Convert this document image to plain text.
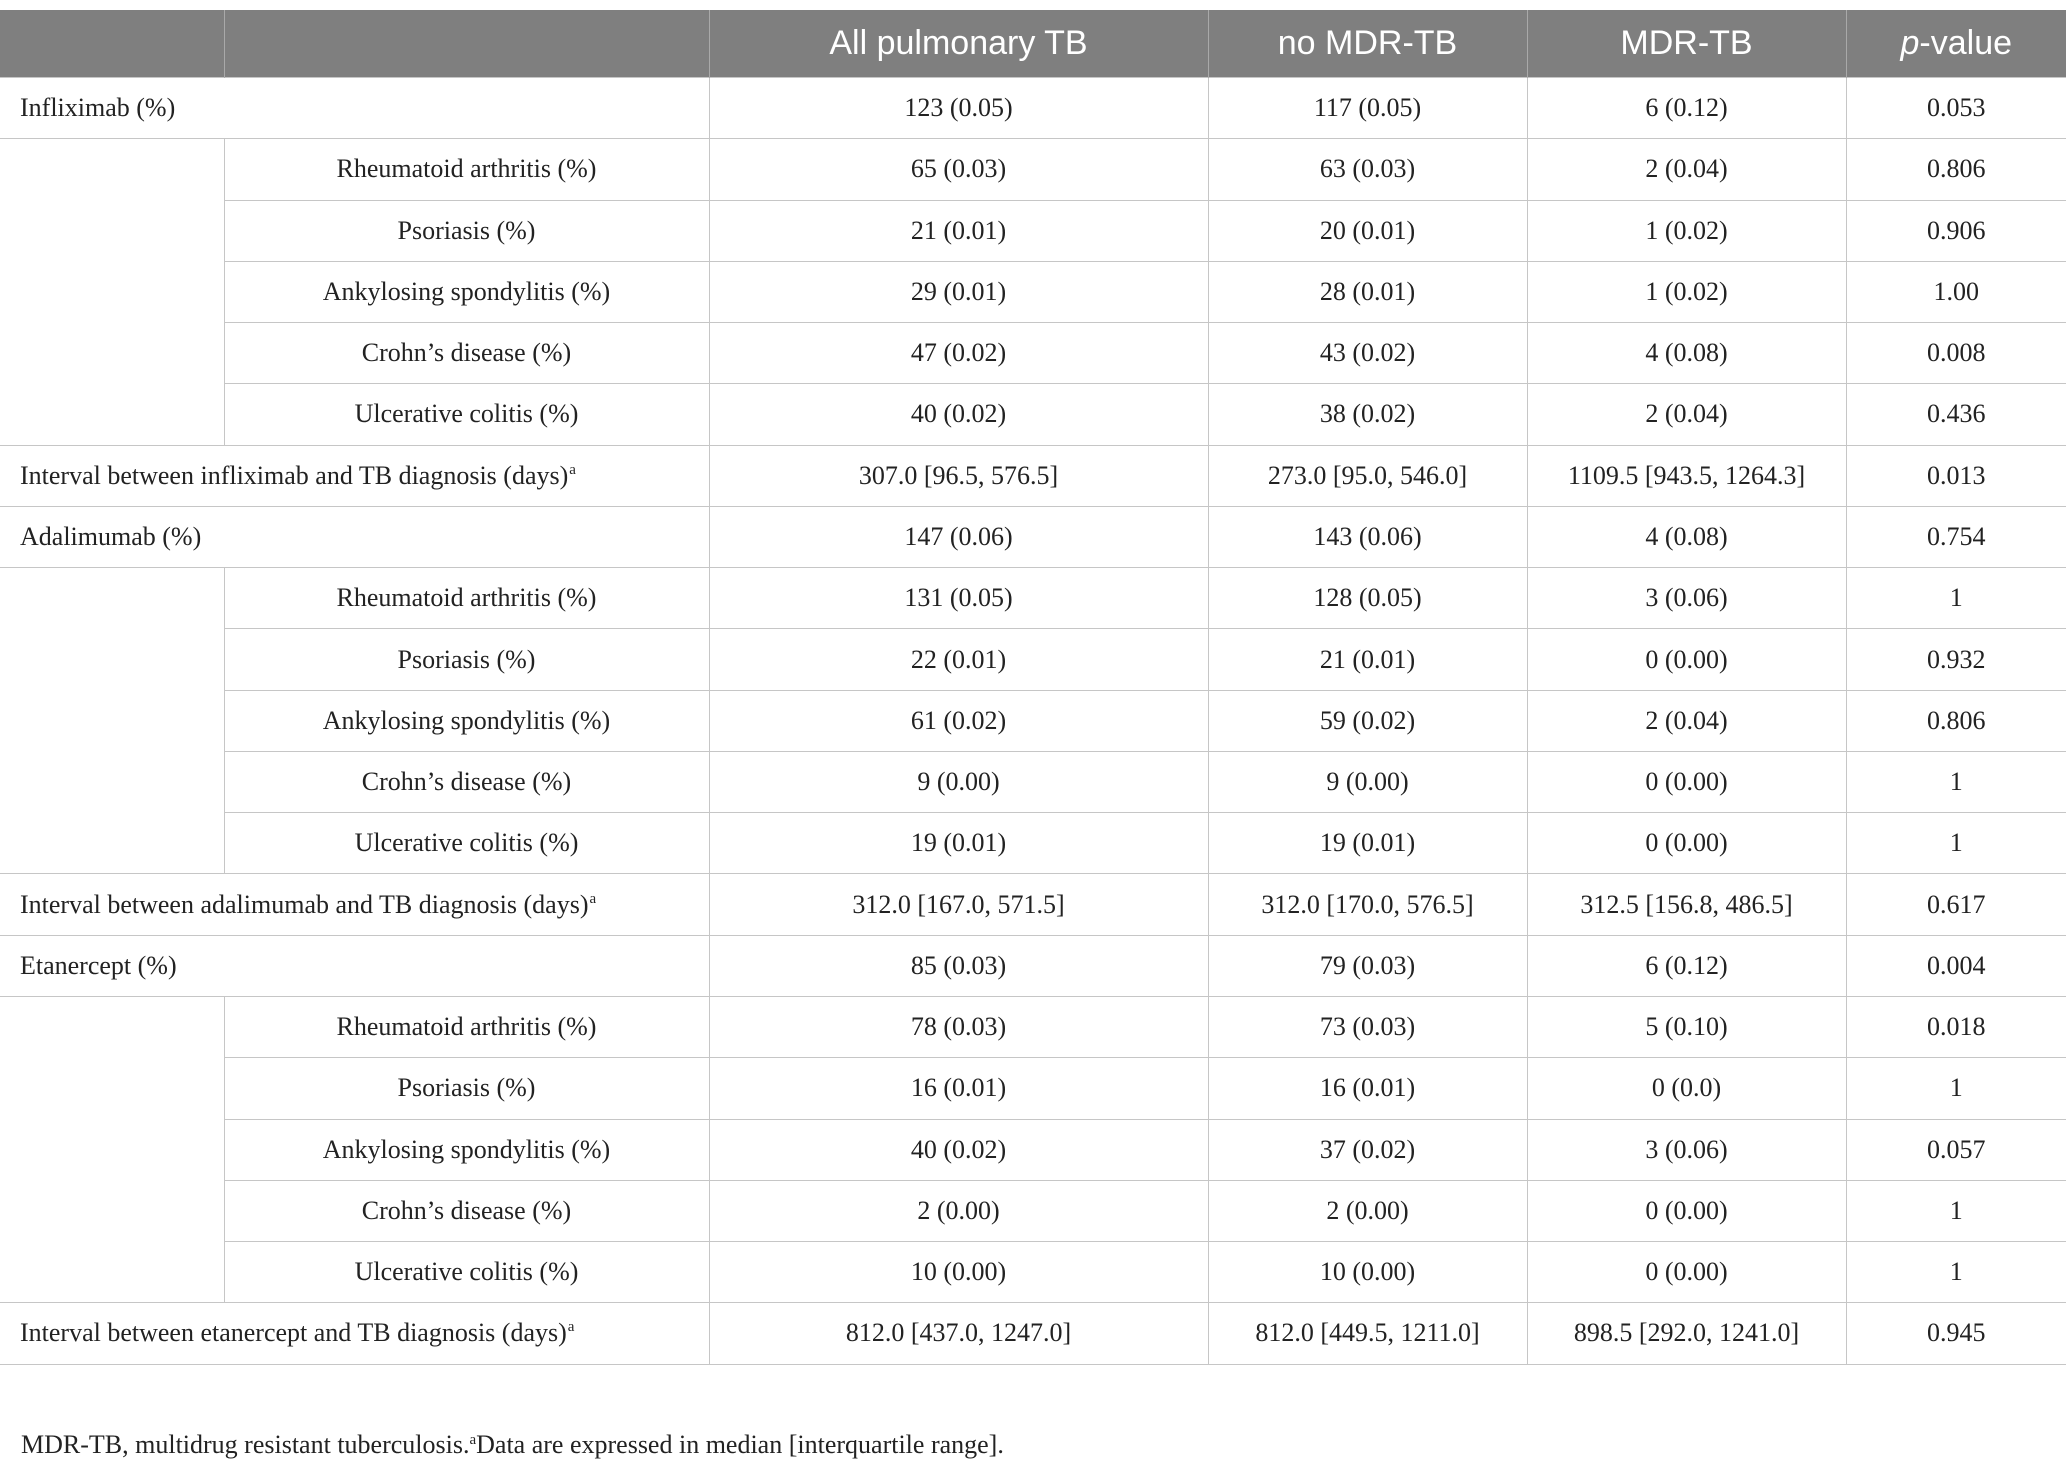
		All pulmonary TB	no MDR-TB	MDR-TB	p-value
Infliximab (%)		123 (0.05)	117 (0.05)	6 (0.12)	0.053
	Rheumatoid arthritis (%)	65 (0.03)	63 (0.03)	2 (0.04)	0.806
	Psoriasis (%)	21 (0.01)	20 (0.01)	1 (0.02)	0.906
	Ankylosing spondylitis (%)	29 (0.01)	28 (0.01)	1 (0.02)	1.00
	Crohn’s disease (%)	47 (0.02)	43 (0.02)	4 (0.08)	0.008
	Ulcerative colitis (%)	40 (0.02)	38 (0.02)	2 (0.04)	0.436
Interval between infliximab and TB diagnosis (days)$^a$		307.0 [96.5, 576.5]	273.0 [95.0, 546.0]	1109.5 [943.5, 1264.3]	0.013
Adalimumab (%)		147 (0.06)	143 (0.06)	4 (0.08)	0.754
	Rheumatoid arthritis (%)	131 (0.05)	128 (0.05)	3 (0.06)	1
	Psoriasis (%)	22 (0.01)	21 (0.01)	0 (0.00)	0.932
	Ankylosing spondylitis (%)	61 (0.02)	59 (0.02)	2 (0.04)	0.806
	Crohn’s disease (%)	9 (0.00)	9 (0.00)	0 (0.00)	1
	Ulcerative colitis (%)	19 (0.01)	19 (0.01)	0 (0.00)	1
Interval between adalimumab and TB diagnosis (days)$^a$		312.0 [167.0, 571.5]	312.0 [170.0, 576.5]	312.5 [156.8, 486.5]	0.617
Etanercept (%)		85 (0.03)	79 (0.03)	6 (0.12)	0.004
	Rheumatoid arthritis (%)	78 (0.03)	73 (0.03)	5 (0.10)	0.018
	Psoriasis (%)	16 (0.01)	16 (0.01)	0 (0.0)	1
	Ankylosing spondylitis (%)	40 (0.02)	37 (0.02)	3 (0.06)	0.057
	Crohn’s disease (%)	2 (0.00)	2 (0.00)	0 (0.00)	1
	Ulcerative colitis (%)	10 (0.00)	10 (0.00)	0 (0.00)	1
Interval between etanercept and TB diagnosis (days)$^a$		812.0 [437.0, 1247.0]	812.0 [449.5, 1211.0]	898.5 [292.0, 1241.0]	0.945
MDR-TB, multidrug resistant tuberculosis.$^a$Data are expressed in median [interquartile range].
